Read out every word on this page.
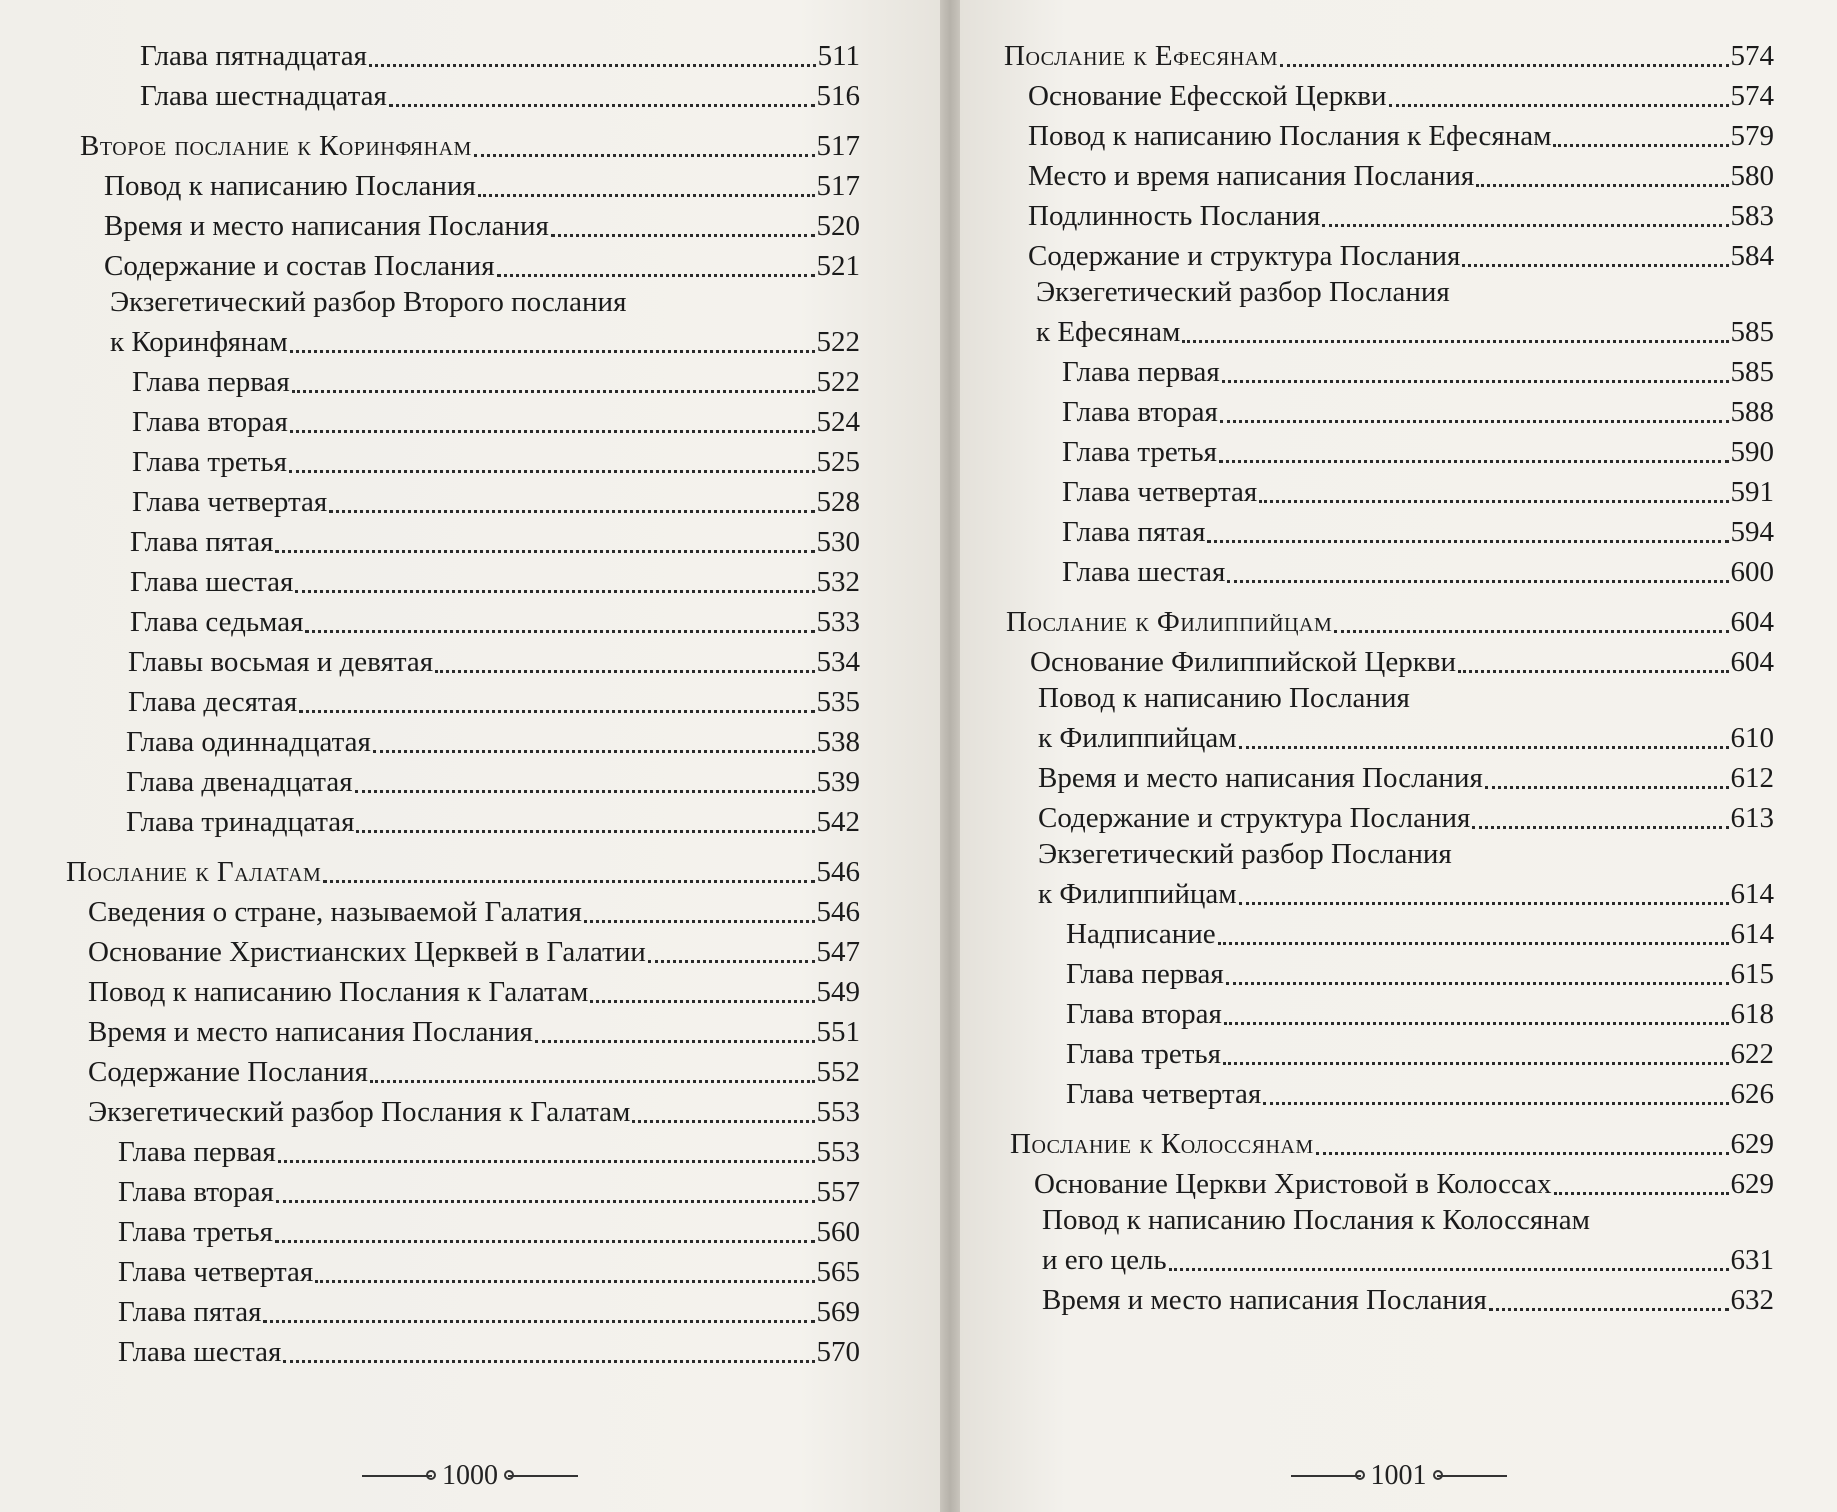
Глава пятнадцатая	511
Глава шестнадцатая	516
Второе послание к Коринфянам	517
Повод к написанию Послания	517
Время и место написания Послания	520
Содержание и состав Послания	521
Экзегетический разбор Второго послания
к Коринфянам	522
Глава первая	522
Глава вторая	524
Глава третья	525
Глава четвертая	528
Глава пятая	530
Глава шестая	532
Глава седьмая	533
Главы восьмая и девятая	534
Глава десятая	535
Глава одиннадцатая	538
Глава двенадцатая	539
Глава тринадцатая	542
Послание к Галатам	546
Сведения о стране, называемой Галатия	546
Основание Христианских Церквей в Галатии	547
Повод к написанию Послания к Галатам	549
Время и место написания Послания	551
Содержание Послания	552
Экзегетический разбор Послания к Галатам	553
Глава первая	553
Глава вторая	557
Глава третья	560
Глава четвертая	565
Глава пятая	569
Глава шестая	570
1000
Послание к Ефесянам	574
Основание Ефесской Церкви	574
Повод к написанию Послания к Ефесянам	579
Место и время написания Послания	580
Подлинность Послания	583
Содержание и структура Послания	584
Экзегетический разбор Послания
к Ефесянам	585
Глава первая	585
Глава вторая	588
Глава третья	590
Глава четвертая	591
Глава пятая	594
Глава шестая	600
Послание к Филиппийцам	604
Основание Филиппийской Церкви	604
Повод к написанию Послания
к Филиппийцам	610
Время и место написания Послания	612
Содержание и структура Послания	613
Экзегетический разбор Послания
к Филиппийцам	614
Надписание	614
Глава первая	615
Глава вторая	618
Глава третья	622
Глава четвертая	626
Послание к Колоссянам	629
Основание Церкви Христовой в Колоссах	629
Повод к написанию Послания к Колоссянам
и его цель	631
Время и место написания Послания	632
1001
